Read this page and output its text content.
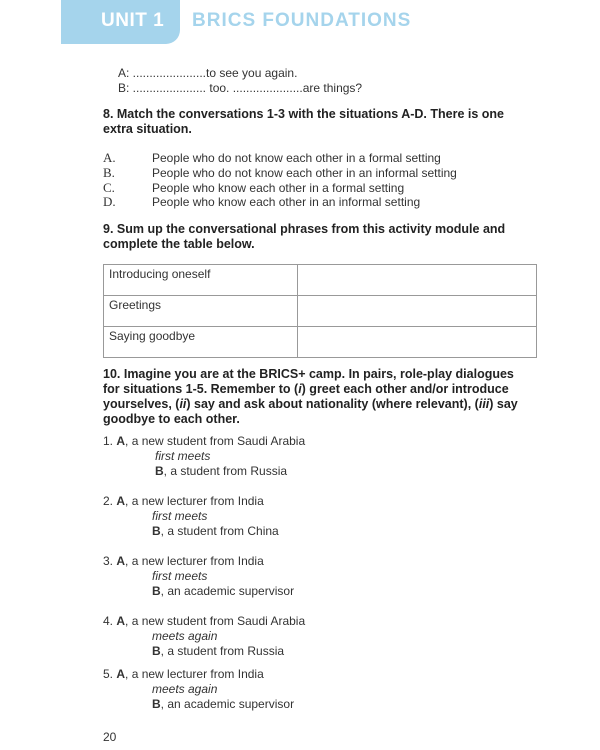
UNIT 1 BRICS FOUNDATIONS
A: ......................to see you again.
B: ...................... too. .....................are things?
8. Match the conversations 1-3 with the situations A-D. There is one extra situation.
A.	People who do not know each other in a formal setting
B.	People who do not know each other in an informal setting
C.	People who know each other in a formal setting
D.	People who know each other in an informal setting
9. Sum up the conversational phrases from this activity module and complete the table below.
Introducing oneself	
Greetings	
Saying goodbye	
10. Imagine you are at the BRICS+ camp. In pairs, role-play dialogues for situations 1-5. Remember to (i) greet each other and/or introduce yourselves, (ii) say and ask about nationality (where relevant), (iii) say goodbye to each other.
1. A, a new student from Saudi Arabia
first meets
B, a student from Russia
2. A, a new lecturer from India
first meets
B, a student from China
3. A, a new lecturer from India
first meets
B, an academic supervisor
4. A, a new student from Saudi Arabia
meets again
B, a student from Russia
5. A, a new lecturer from India
meets again
B, an academic supervisor
20
